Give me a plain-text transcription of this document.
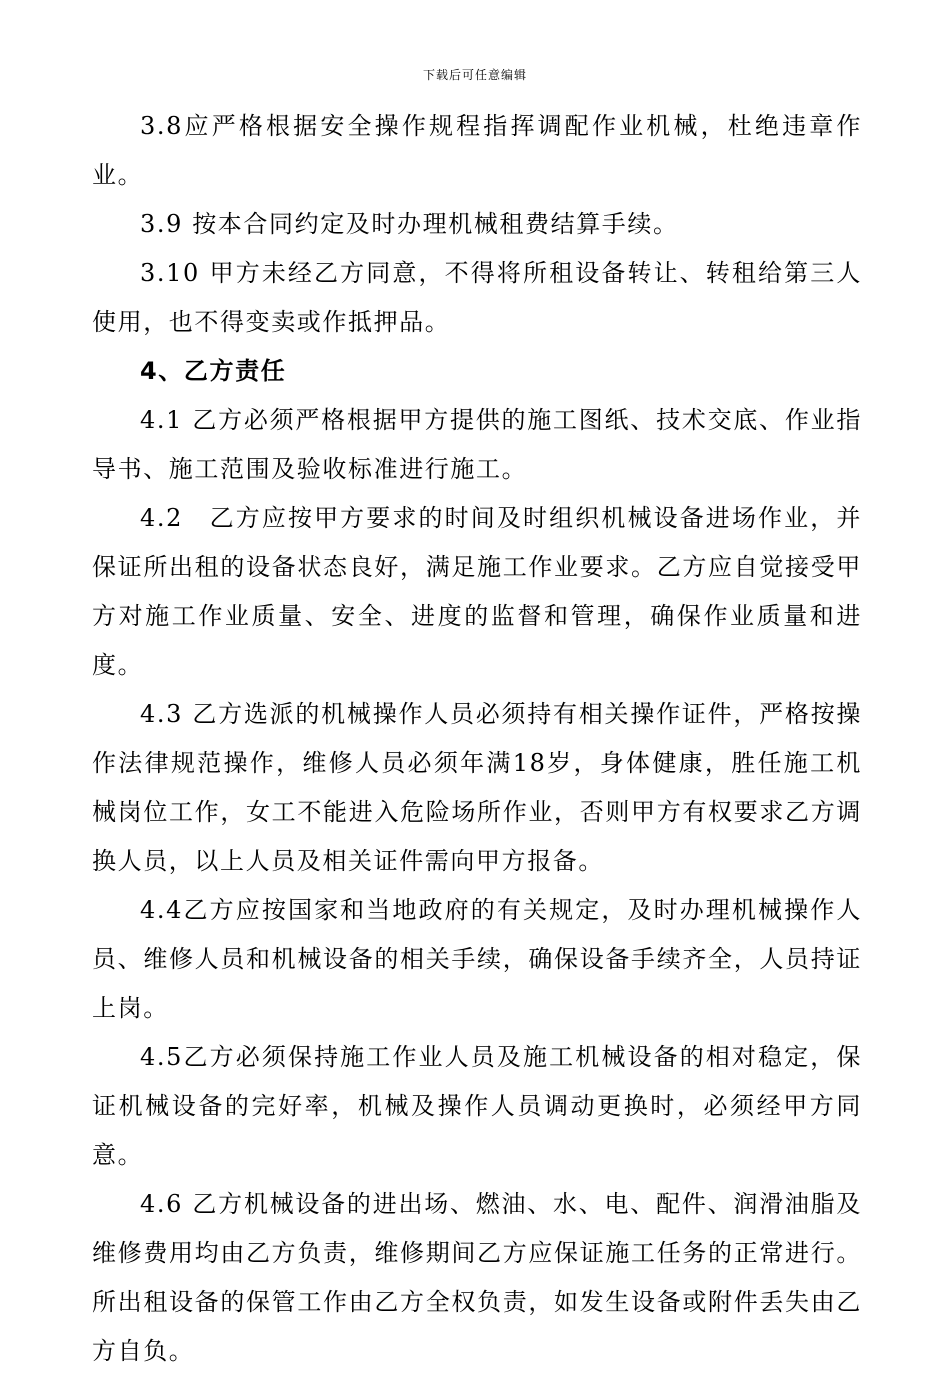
下载后可任意编辑

3.8应严格根据安全操作规程指挥调配作业机械，杜绝违章作业。

3.9 按本合同约定及时办理机械租费结算手续。

3.10 甲方未经乙方同意，不得将所租设备转让、转租给第三人使用，也不得变卖或作抵押品。

4、乙方责任

4.1 乙方必须严格根据甲方提供的施工图纸、技术交底、作业指导书、施工范围及验收标准进行施工。

4.2　乙方应按甲方要求的时间及时组织机械设备进场作业，并保证所出租的设备状态良好，满足施工作业要求。乙方应自觉接受甲方对施工作业质量、安全、进度的监督和管理，确保作业质量和进度。

4.3 乙方选派的机械操作人员必须持有相关操作证件，严格按操作法律规范操作，维修人员必须年满18岁，身体健康，胜任施工机械岗位工作，女工不能进入危险场所作业，否则甲方有权要求乙方调换人员，以上人员及相关证件需向甲方报备。

4.4乙方应按国家和当地政府的有关规定，及时办理机械操作人员、维修人员和机械设备的相关手续，确保设备手续齐全，人员持证上岗。

4.5乙方必须保持施工作业人员及施工机械设备的相对稳定，保证机械设备的完好率，机械及操作人员调动更换时，必须经甲方同意。

4.6 乙方机械设备的进出场、燃油、水、电、配件、润滑油脂及维修费用均由乙方负责，维修期间乙方应保证施工任务的正常进行。所出租设备的保管工作由乙方全权负责，如发生设备或附件丢失由乙方自负。
